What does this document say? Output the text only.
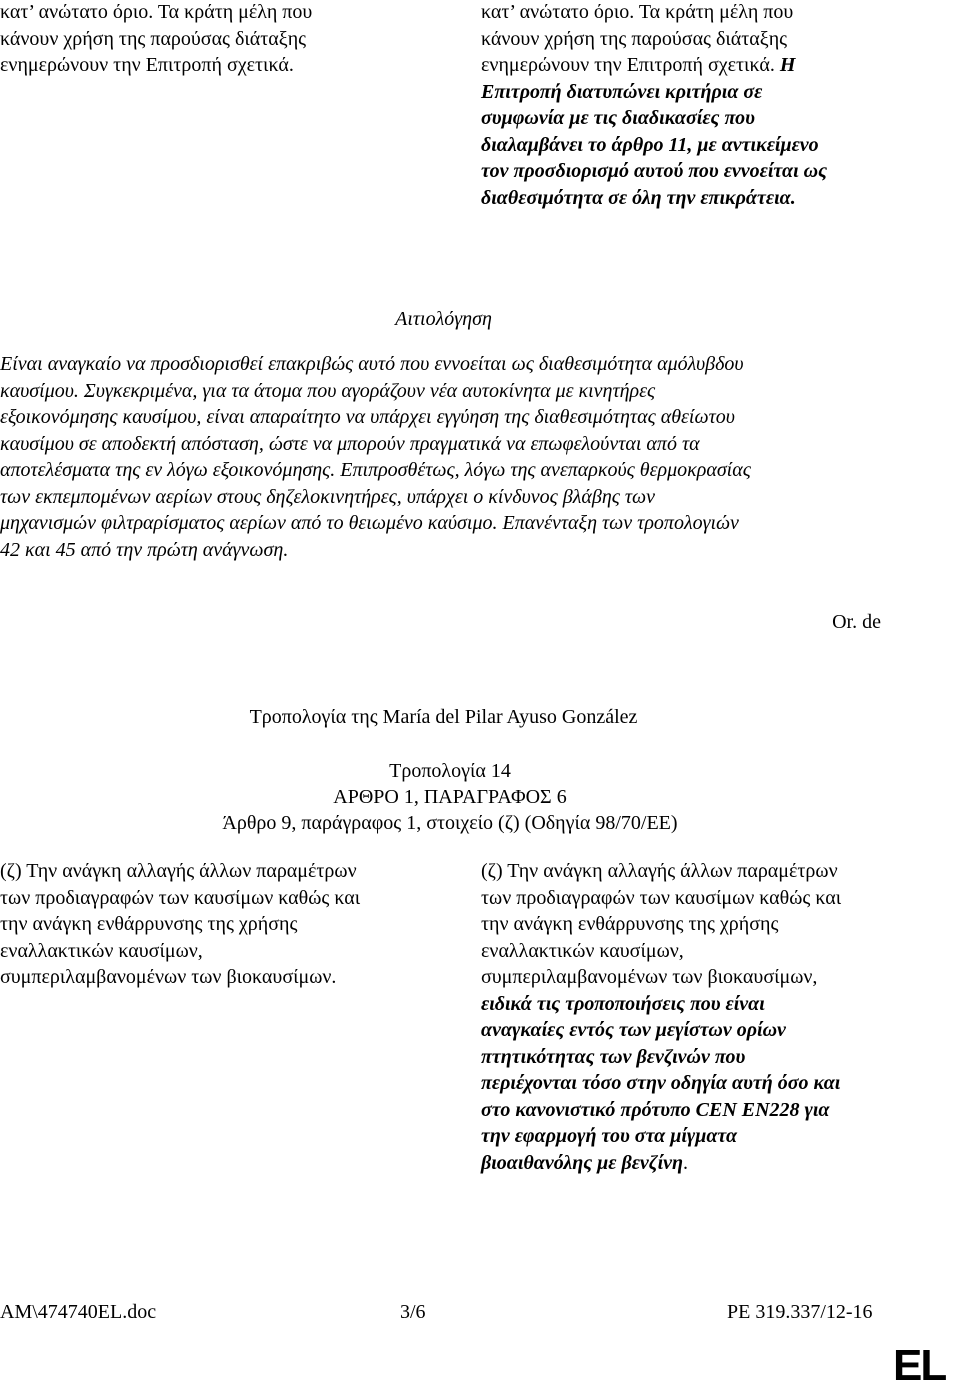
κατ’ ανώτατο όριο. Τα κράτη μέλη που
κάνουν χρήση της παρούσας διάταξης
ενημερώνουν την Επιτροπή σχετικά.
κατ’ ανώτατο όριο. Τα κράτη μέλη που
κάνουν χρήση της παρούσας διάταξης
ενημερώνουν την Επιτροπή σχετικά. Η
Επιτροπή διατυπώνει κριτήρια σε
συμφωνία με τις διαδικασίες που
διαλαμβάνει το άρθρο 11, με αντικείμενο
τον προσδιορισμό αυτού που εννοείται ως
διαθεσιμότητα σε όλη την επικράτεια.
Αιτιολόγηση
Είναι αναγκαίο να προσδιορισθεί επακριβώς αυτό που εννοείται ως διαθεσιμότητα αμόλυβδου
καυσίμου. Συγκεκριμένα, για τα άτομα που αγοράζουν νέα αυτοκίνητα με κινητήρες
εξοικονόμησης καυσίμου, είναι απαραίτητο να υπάρχει εγγύηση της διαθεσιμότητας αθείωτου
καυσίμου σε αποδεκτή απόσταση, ώστε να μπορούν πραγματικά να επωφελούνται από τα
αποτελέσματα της εν λόγω εξοικονόμησης. Επιπροσθέτως, λόγω της ανεπαρκούς θερμοκρασίας
των εκπεμπομένων αερίων στους δηζελοκινητήρες, υπάρχει ο κίνδυνος βλάβης των
μηχανισμών φιλτραρίσματος αερίων από το θειωμένο καύσιμο. Επανένταξη των τροπολογιών
42 και 45 από την πρώτη ανάγνωση.
Or. de
Τροπολογία της María del Pilar Ayuso González
Τροπολογία 14
ΑΡΘΡΟ 1, ΠΑΡΑΓΡΑΦΟΣ 6
Άρθρο 9, παράγραφος 1, στοιχείο (ζ) (Οδηγία 98/70/ΕΕ)
(ζ) Την ανάγκη αλλαγής άλλων παραμέτρων
των προδιαγραφών των καυσίμων καθώς και
την ανάγκη ενθάρρυνσης της χρήσης
εναλλακτικών καυσίμων,
συμπεριλαμβανομένων των βιοκαυσίμων.
(ζ) Την ανάγκη αλλαγής άλλων παραμέτρων
των προδιαγραφών των καυσίμων καθώς και
την ανάγκη ενθάρρυνσης της χρήσης
εναλλακτικών καυσίμων,
συμπεριλαμβανομένων των βιοκαυσίμων,
ειδικά τις τροποποιήσεις που είναι
αναγκαίες εντός των μεγίστων ορίων
πτητικότητας των βενζινών που
περιέχονται τόσο στην οδηγία αυτή όσο και
στο κανονιστικό πρότυπο CEN EN228 για
την εφαρμογή του στα μίγματα
βιοαιθανόλης με βενζίνη.
AM\474740EL.doc	3/6	PE 319.337/12-16
EL
